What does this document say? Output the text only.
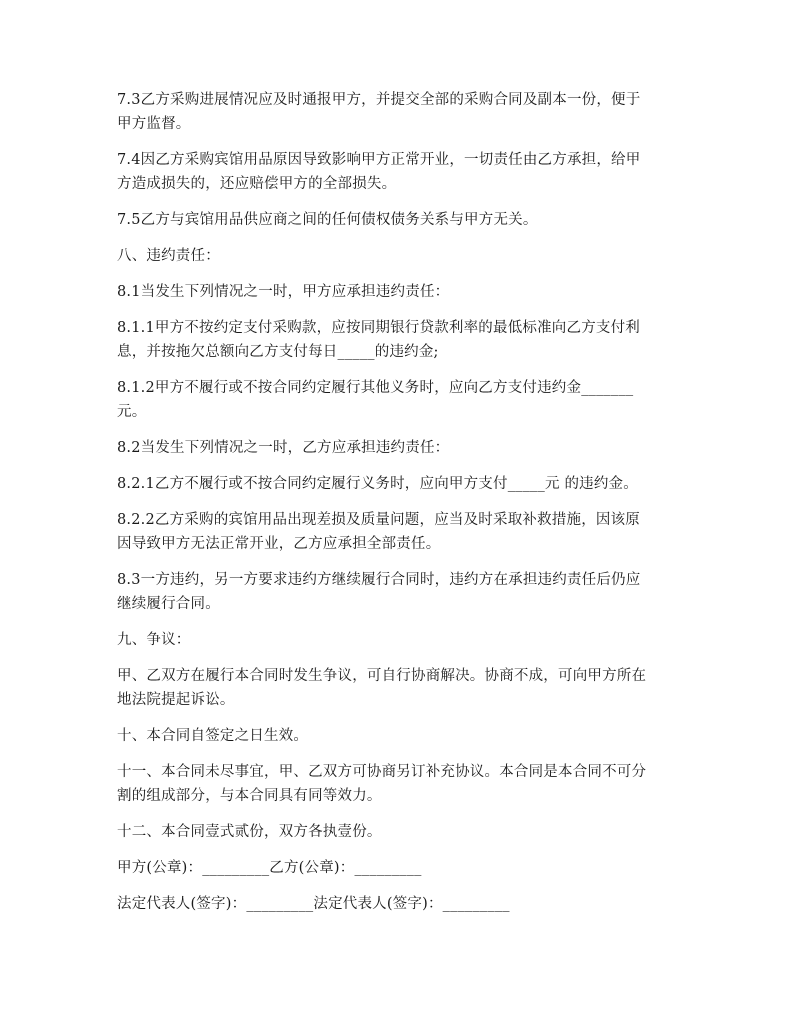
7.3乙方采购进展情况应及时通报甲方，并提交全部的采购合同及副本一份，便于
甲方监督。

7.4因乙方采购宾馆用品原因导致影响甲方正常开业，一切责任由乙方承担，给甲
方造成损失的，还应赔偿甲方的全部损失。

7.5乙方与宾馆用品供应商之间的任何债权债务关系与甲方无关。

八、违约责任：

8.1当发生下列情况之一时，甲方应承担违约责任：

8.1.1甲方不按约定支付采购款，应按同期银行贷款利率的最低标准向乙方支付利
息，并按拖欠总额向乙方支付每日_____的违约金;

8.1.2甲方不履行或不按合同约定履行其他义务时，应向乙方支付违约金_______
元。

8.2当发生下列情况之一时，乙方应承担违约责任：

8.2.1乙方不履行或不按合同约定履行义务时，应向甲方支付_____元 的违约金。

8.2.2乙方采购的宾馆用品出现差损及质量问题，应当及时采取补救措施，因该原
因导致甲方无法正常开业，乙方应承担全部责任。

8.3一方违约，另一方要求违约方继续履行合同时，违约方在承担违约责任后仍应
继续履行合同。

九、争议：

甲、乙双方在履行本合同时发生争议，可自行协商解决。协商不成，可向甲方所在
地法院提起诉讼。

十、本合同自签定之日生效。

十一、本合同未尽事宜，甲、乙双方可协商另订补充协议。本合同是本合同不可分
割的组成部分，与本合同具有同等效力。

十二、本合同壹式贰份，双方各执壹份。

甲方(公章)：_________乙方(公章)：_________

法定代表人(签字)：_________法定代表人(签字)：_________
